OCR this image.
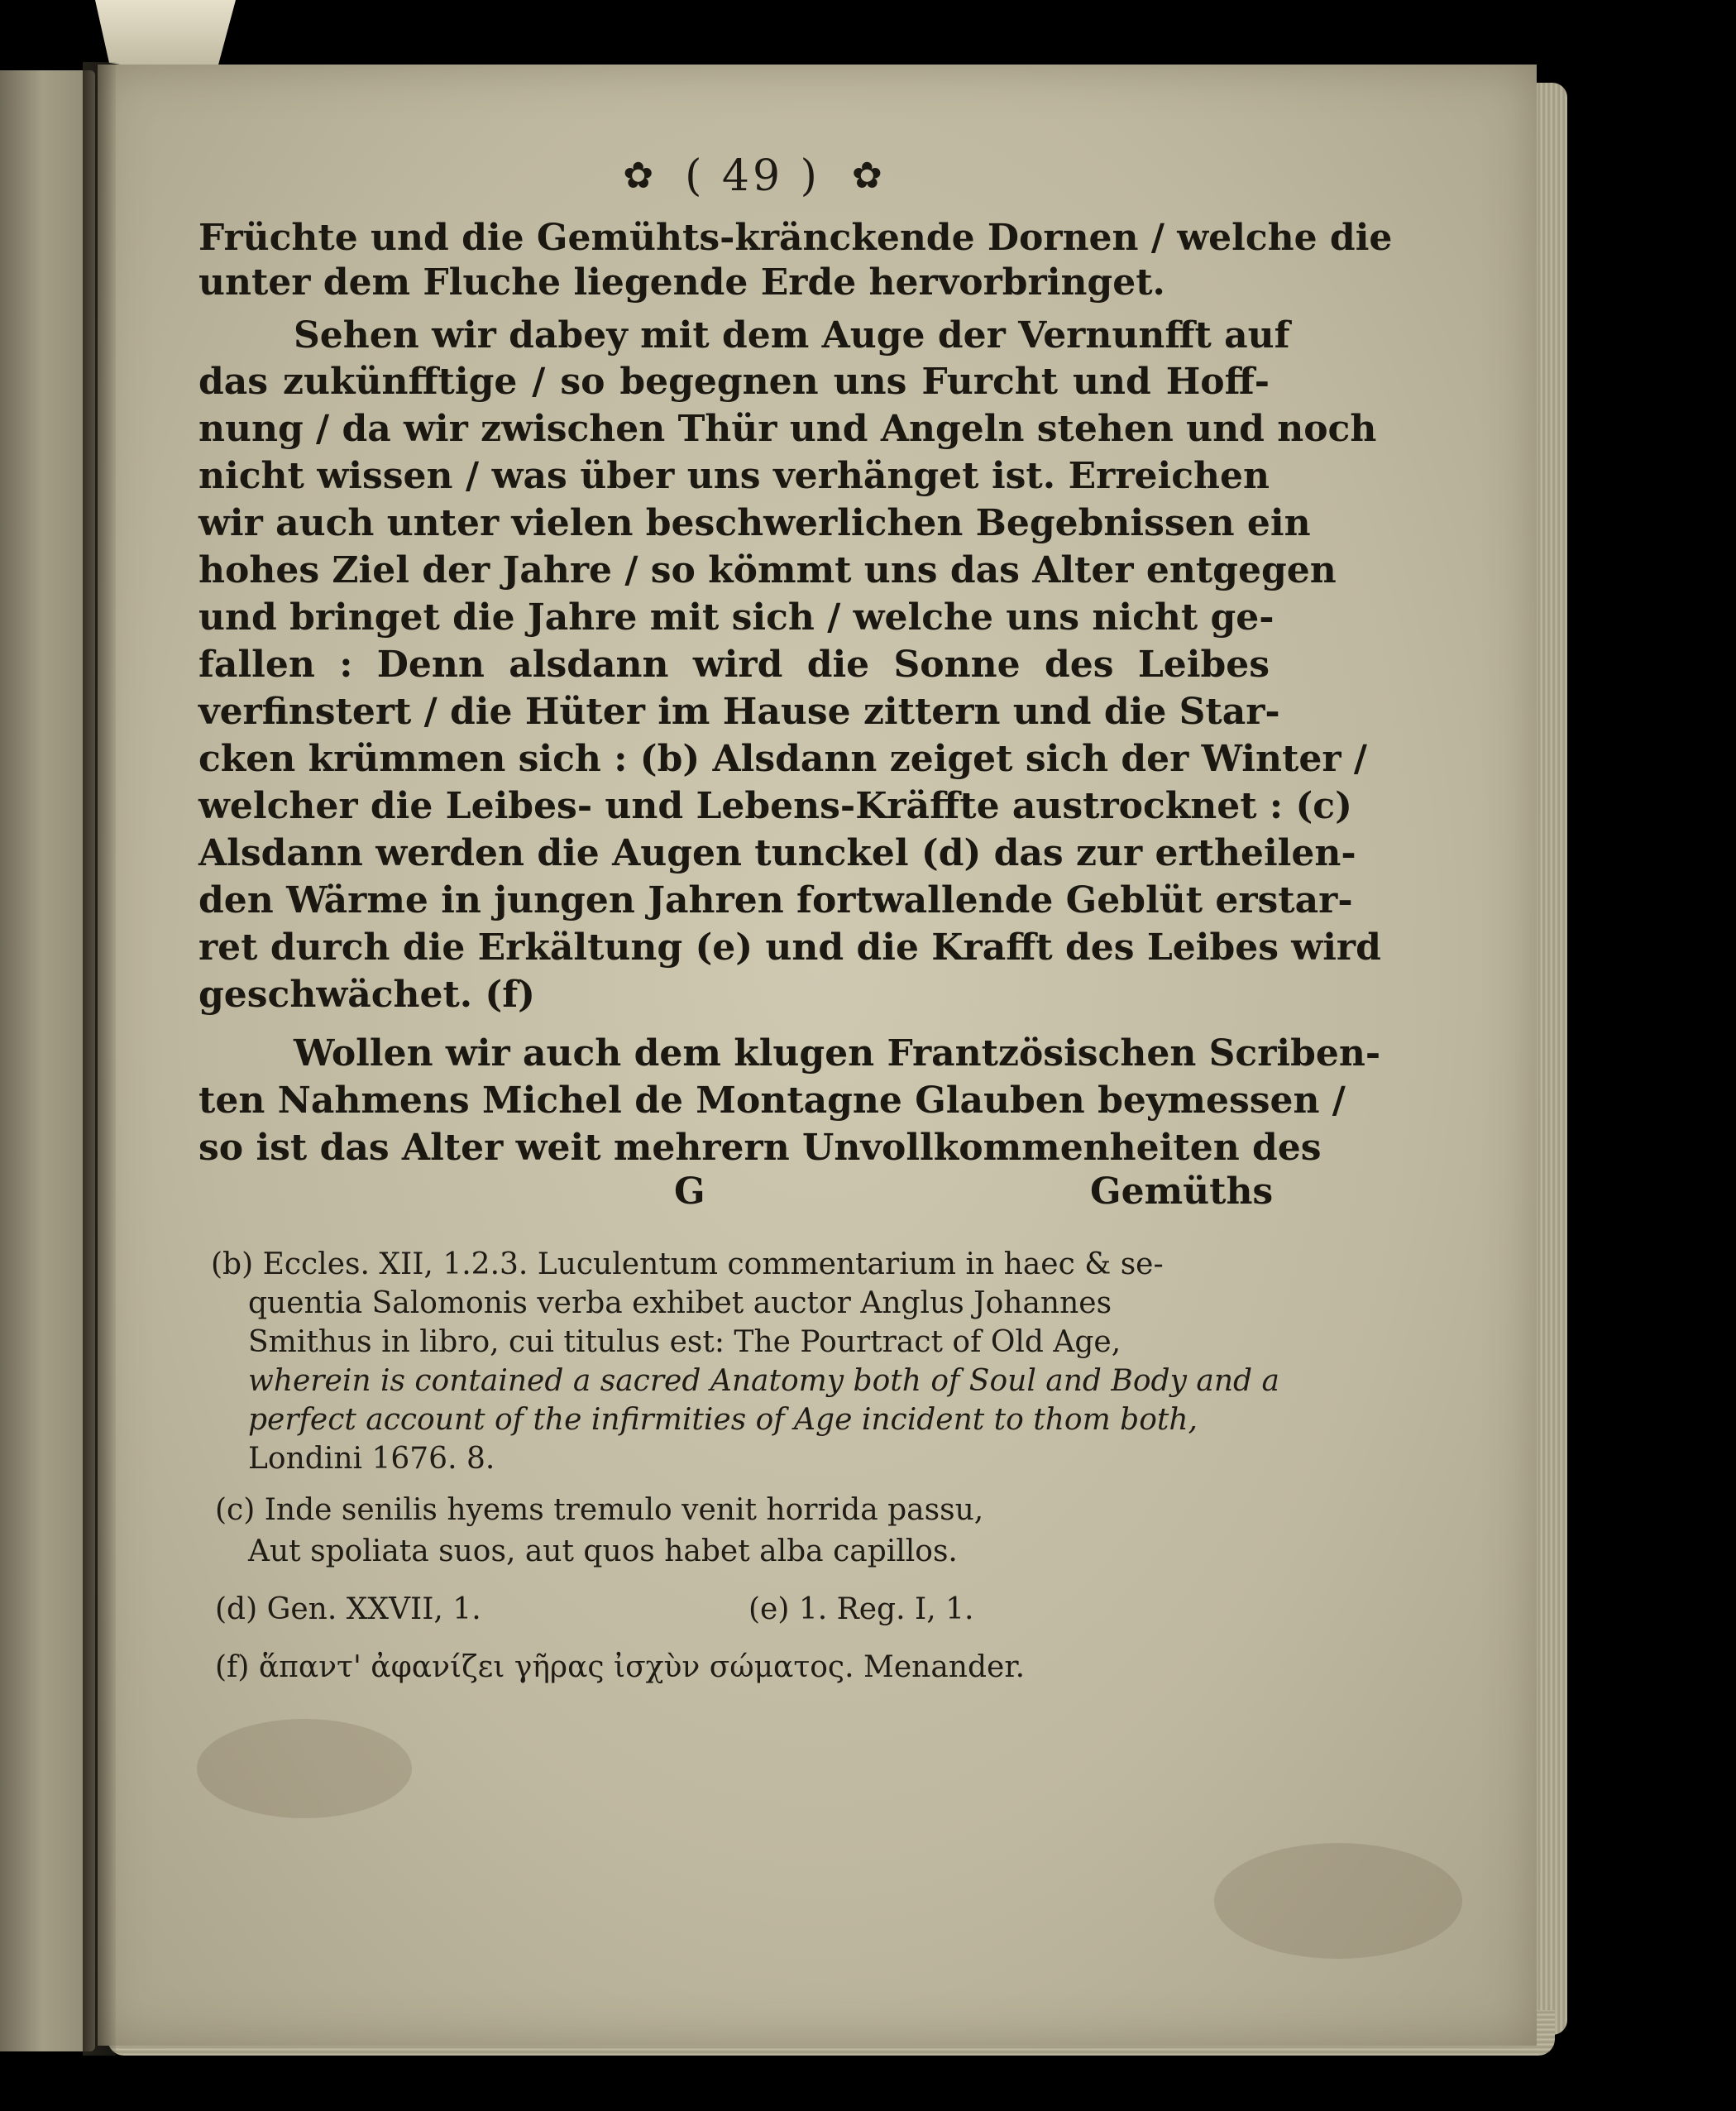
✿ ( 49 ) ✿
Früchte und die Gemühts-kränckende Dornen / welche die
unter dem Fluche liegende Erde hervorbringet.
Sehen wir dabey mit dem Auge der Vernunfft auf
das zukünfftige / so begegnen uns Furcht und Hoff-
nung / da wir zwischen Thür und Angeln stehen und noch
nicht wissen / was über uns verhänget ist. Erreichen
wir auch unter vielen beschwerlichen Begebnissen ein
hohes Ziel der Jahre / so kömmt uns das Alter entgegen
und bringet die Jahre mit sich / welche uns nicht ge-
fallen : Denn alsdann wird die Sonne des Leibes
verfinstert / die Hüter im Hause zittern und die Star-
cken krümmen sich : (b) Alsdann zeiget sich der Winter /
welcher die Leibes- und Lebens-Kräffte austrocknet : (c)
Alsdann werden die Augen tunckel (d) das zur ertheilen-
den Wärme in jungen Jahren fortwallende Geblüt erstar-
ret durch die Erkältung (e) und die Krafft des Leibes wird
geschwächet. (f)
Wollen wir auch dem klugen Frantzösischen Scriben-
ten Nahmens Michel de Montagne Glauben beymessen /
so ist das Alter weit mehrern Unvollkommenheiten des
G	Gemüths
(b) Eccles. XII, 1.2.3. Luculentum commentarium in haec & se-
quentia Salomonis verba exhibet auctor Anglus Johannes
Smithus in libro, cui titulus est: The Pourtract of Old Age,
wherein is contained a sacred Anatomy both of Soul and Body and a
perfect account of the infirmities of Age incident to thom both,
Londini 1676. 8.
(c) Inde senilis hyems tremulo venit horrida passu,
Aut spoliata suos, aut quos habet alba capillos.
(d) Gen. XXVII, 1.	(e) 1. Reg. I, 1.
(f) ἅπαντ' ἀφανίζει γῆρας ἰσχὺν σώματος. Menander.
